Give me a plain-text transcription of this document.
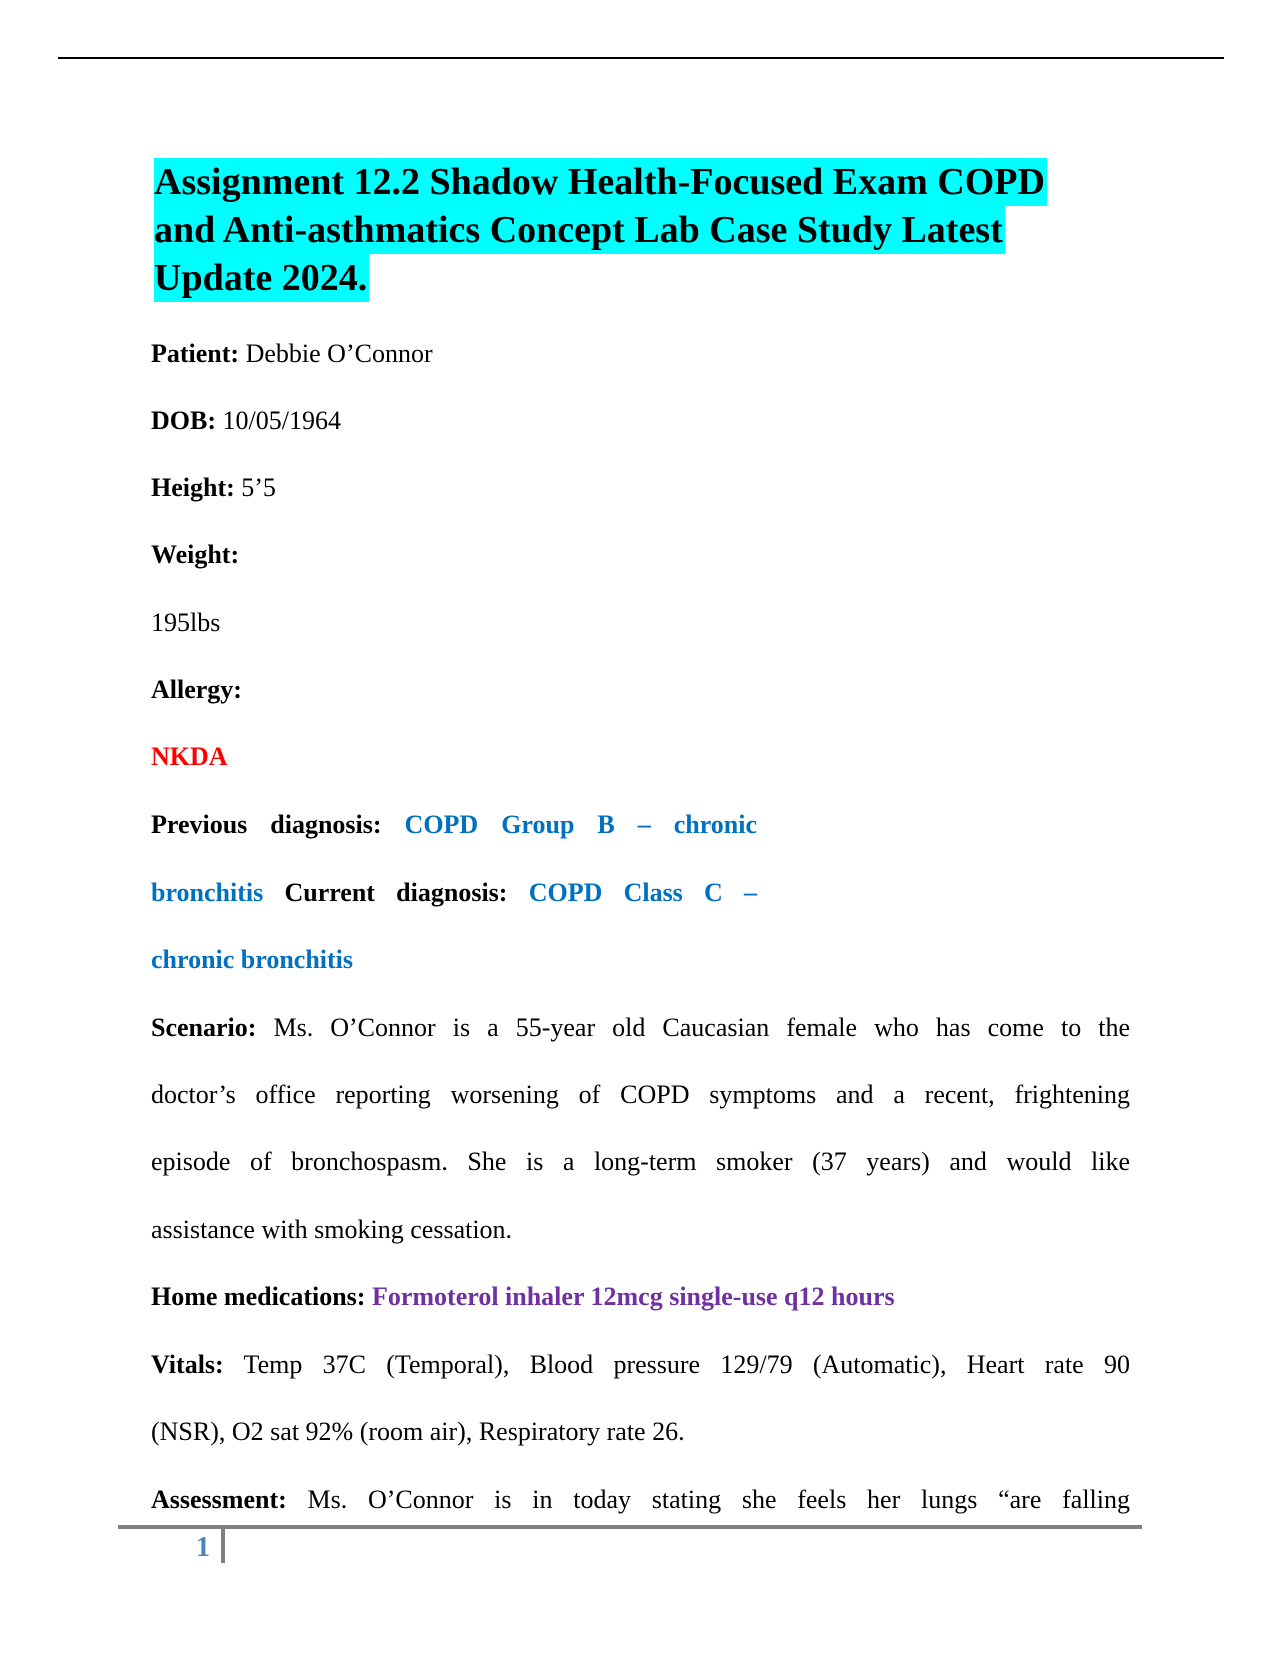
Assignment 12.2 Shadow Health-Focused Exam COPD
and Anti-asthmatics Concept Lab Case Study Latest
Update 2024.
Patient: Debbie O’Connor
DOB: 10/05/1964
Height: 5’5
Weight:
195lbs
Allergy:
NKDA
Previous diagnosis: COPD Group B – chronic
bronchitis Current diagnosis: COPD Class C –
chronic bronchitis
Scenario: Ms. O’Connor is a 55-year old Caucasian female who has come to the
doctor’s office reporting worsening of COPD symptoms and a recent, frightening
episode of bronchospasm. She is a long-term smoker (37 years) and would like
assistance with smoking cessation.
Home medications: Formoterol inhaler 12mcg single-use q12 hours
Vitals: Temp 37C (Temporal), Blood pressure 129/79 (Automatic), Heart rate 90
(NSR), O2 sat 92% (room air), Respiratory rate 26.
Assessment: Ms. O’Connor is in today stating she feels her lungs “are falling
1
